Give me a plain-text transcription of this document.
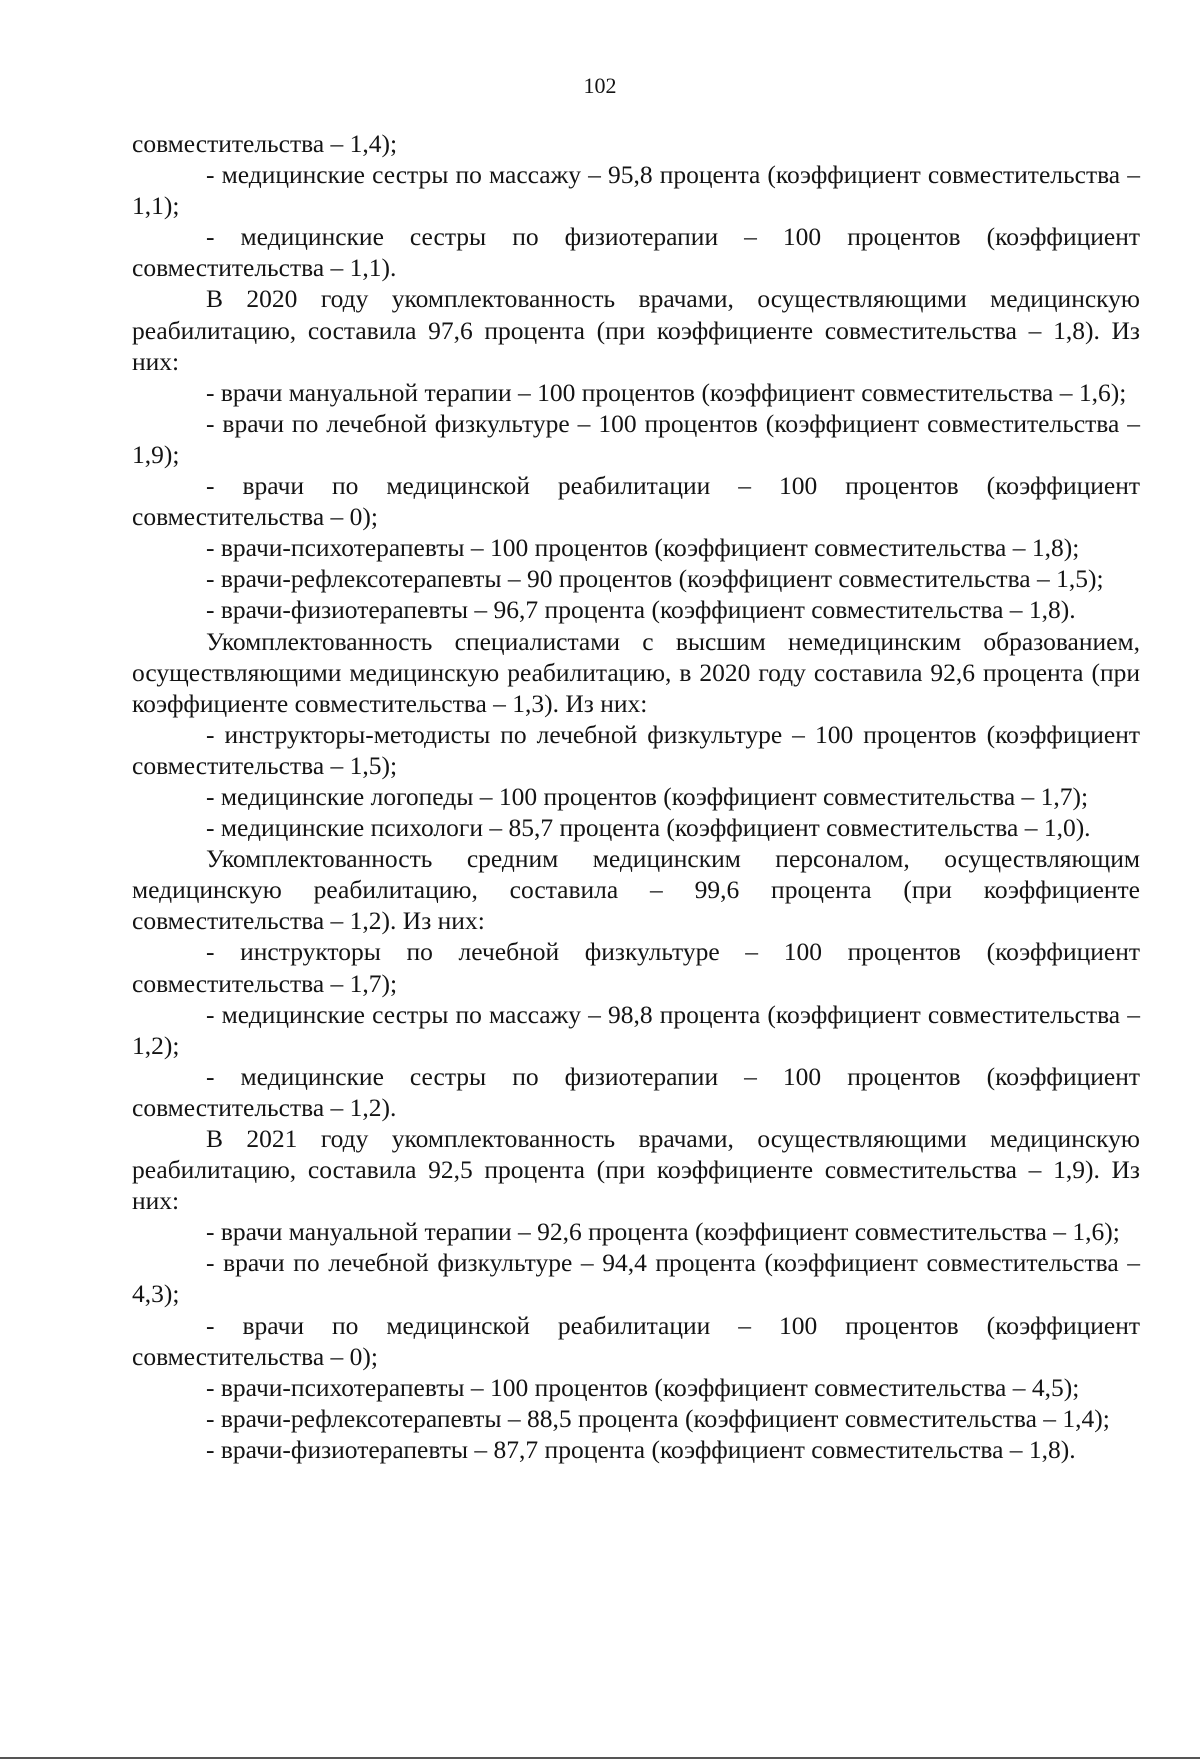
102

совместительства – 1,4);

- медицинские сестры по массажу – 95,8 процента (коэффициент совместительства – 1,1);

- медицинские сестры по физиотерапии – 100 процентов (коэффициент совместительства – 1,1).

В 2020 году укомплектованность врачами, осуществляющими медицинскую реабилитацию, составила 97,6 процента (при коэффициенте совместительства – 1,8). Из них:

- врачи мануальной терапии – 100 процентов (коэффициент совместительства – 1,6);

- врачи по лечебной физкультуре – 100 процентов (коэффициент совместительства – 1,9);

- врачи по медицинской реабилитации – 100 процентов (коэффициент совместительства – 0);

- врачи-психотерапевты – 100 процентов (коэффициент совместительства – 1,8);

- врачи-рефлексотерапевты – 90 процентов (коэффициент совместительства – 1,5);

- врачи-физиотерапевты – 96,7 процента (коэффициент совместительства – 1,8).

Укомплектованность специалистами с высшим немедицинским образованием, осуществляющими медицинскую реабилитацию, в 2020 году составила 92,6 процента (при коэффициенте совместительства – 1,3). Из них:

- инструкторы-методисты по лечебной физкультуре – 100 процентов (коэффициент совместительства – 1,5);

- медицинские логопеды – 100 процентов (коэффициент совместительства – 1,7);

- медицинские психологи – 85,7 процента (коэффициент совместительства – 1,0).

Укомплектованность средним медицинским персоналом, осуществляющим медицинскую реабилитацию, составила – 99,6 процента (при коэффициенте совместительства – 1,2). Из них:

- инструкторы по лечебной физкультуре – 100 процентов (коэффициент совместительства – 1,7);

- медицинские сестры по массажу – 98,8 процента (коэффициент совместительства – 1,2);

- медицинские сестры по физиотерапии – 100 процентов (коэффициент совместительства – 1,2).

В 2021 году укомплектованность врачами, осуществляющими медицинскую реабилитацию, составила 92,5 процента (при коэффициенте совместительства – 1,9). Из них:

- врачи мануальной терапии – 92,6 процента (коэффициент совместительства – 1,6);

- врачи по лечебной физкультуре – 94,4 процента (коэффициент совместительства – 4,3);

- врачи по медицинской реабилитации – 100 процентов (коэффициент совместительства – 0);

- врачи-психотерапевты – 100 процентов (коэффициент совместительства – 4,5);

- врачи-рефлексотерапевты – 88,5 процента (коэффициент совместительства – 1,4);

- врачи-физиотерапевты – 87,7 процента (коэффициент совместительства – 1,8).
